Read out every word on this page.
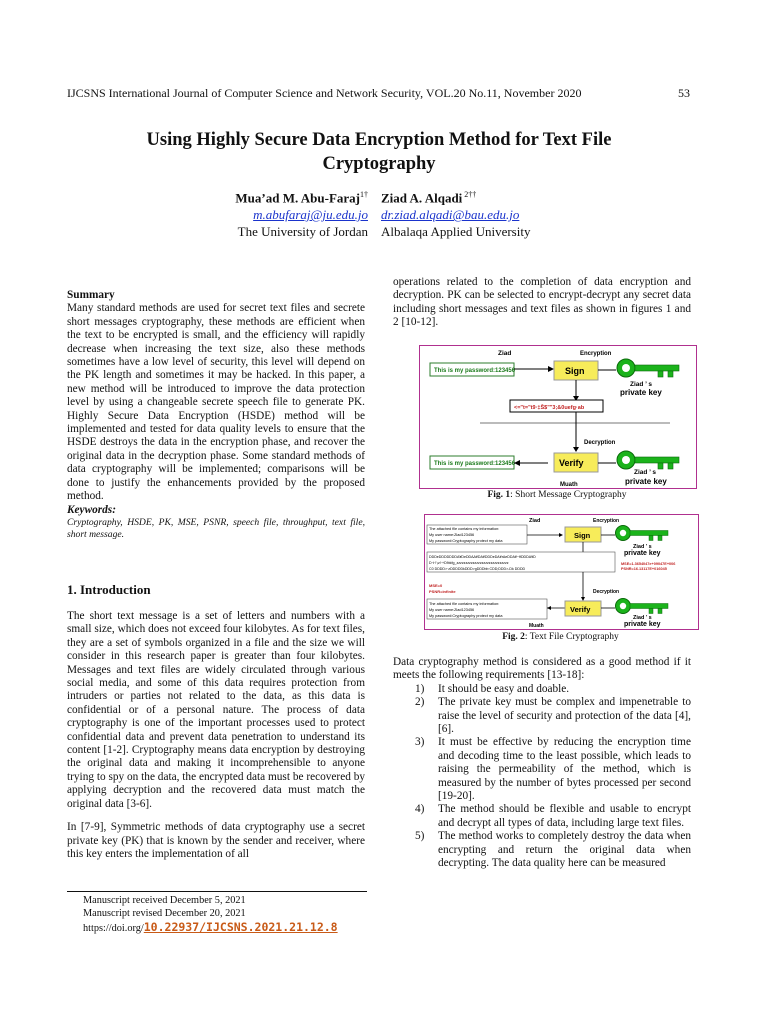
IJCSNS International Journal of Computer Science and Network Security, VOL.20 No.11, November 2020	53
Using Highly Secure Data Encryption Method for Text File
Cryptography
Mua’ad M. Abu-Faraj$^{1\dagger}$
m.abufaraj@ju.edu.jo
The University of Jordan
Ziad A. Alqadi $^{2\dagger\dagger}$
dr.ziad.alqadi@bau.edu.jo
Albalaqa Applied University
Summary

Many standard methods are used for secret text files and secrete short messages cryptography, these methods are efficient when the text to be encrypted is small, and the efficiency will rapidly decrease when increasing the text size, also these methods sometimes have a low level of security, this level will depend on the PK length and sometimes it may be hacked. In this paper, a new method will be introduced to improve the data protection level by using a changeable secrete speech file to generate PK. Highly Secure Data Encryption (HSDE) method will be implemented and tested for data quality levels to ensure that the HSDE destroys the data in the encryption phase, and recover the original data in the decryption phase. Some standard methods of data cryptography will be implemented; comparisons will be done to justify the enhancements provided by the proposed method.

Keywords:
Cryptography, HSDE, PK, MSE, PSNR, speech file, throughput, text file, short message.
1. Introduction

The short text message is a set of letters and numbers with a small size, which does not exceed four kilobytes. As for text files, they are a set of symbols organized in a file and the size we will consider in this research paper is greater than four kilobytes. Messages and text files are widely circulated through various social media, and some of this data requires protection from intruders or parties not related to the data, as this data is confidential or of a personal nature. The process of data cryptography is one of the important processes used to protect confidential data and prevent data penetration to understand its content [1-2]. Cryptography means data encryption by destroying the original data and making it incomprehensible to anyone trying to spy on the data, the encrypted data must be recovered by applying decryption and the recovered data must match the original data [3-6].

In [7-9], Symmetric methods of data cryptography use a secret private key (PK) that is known by the sender and receiver, where this key enters the implementation of all

Manuscript received December 5, 2021
Manuscript revised December 20, 2021
https://doi.org/10.22937/IJCSNS.2021.21.12.8
operations related to the completion of data encryption and decryption. PK can be selected to encrypt-decrypt any secret data including short messages and text files as shown in figures 1 and 2 [10-12].
Ziad	Encryption
This is my password:123456	Sign
Ziad ’ s
private key
<="t="t9·‡Š$""3;&0uefg·ab
Decryption
This is my password:123456	Verify
Ziad ’ s
private key
Muath
Fig. 1: Short Message Cryptography
Ziad	Encryption
The attached file contains my information:
My user name:Ziad123456
My password:Cryptography protect my data
Sign
Ziad ’ s
private key
DDDeDDDDDDDA¥DeDDAA¥DA¥DDDeDA¥rAeDDA¥~¥DDDA¥D
D·t·!‘¡z!·+D!bkfg_zzzzzzzzzzzzzzzzzzzzzzzzzzzzz
C0 DDDD>·zDDDDDkDDD>gDDDbb CDD;DDD>-Dk DDDD
MSE=1.3654047e+09047E+006
PSNR=16.13117E+016045
MSE=0
PSNR=infinite	Decryption
The attached file contains my information:
My user name:Ziad123456
My password:Cryptography protect my data
Verify
Ziad ’ s
private key
Muath
Fig. 2: Text File Cryptography

Data cryptography method is considered as a good method if it meets the following requirements [13-18]:

1) It should be easy and doable.
2) The private key must be complex and impenetrable to raise the level of security and protection of the data [4], [6].
3) It must be effective by reducing the encryption time and decoding time to the least possible, which leads to raising the permeability of the method, which is measured by the number of bytes processed per second [19-20].
4) The method should be flexible and usable to encrypt and decrypt all types of data, including large text files.
5) The method works to completely destroy the data when encrypting and return the original data when decrypting. The data quality here can be measured
